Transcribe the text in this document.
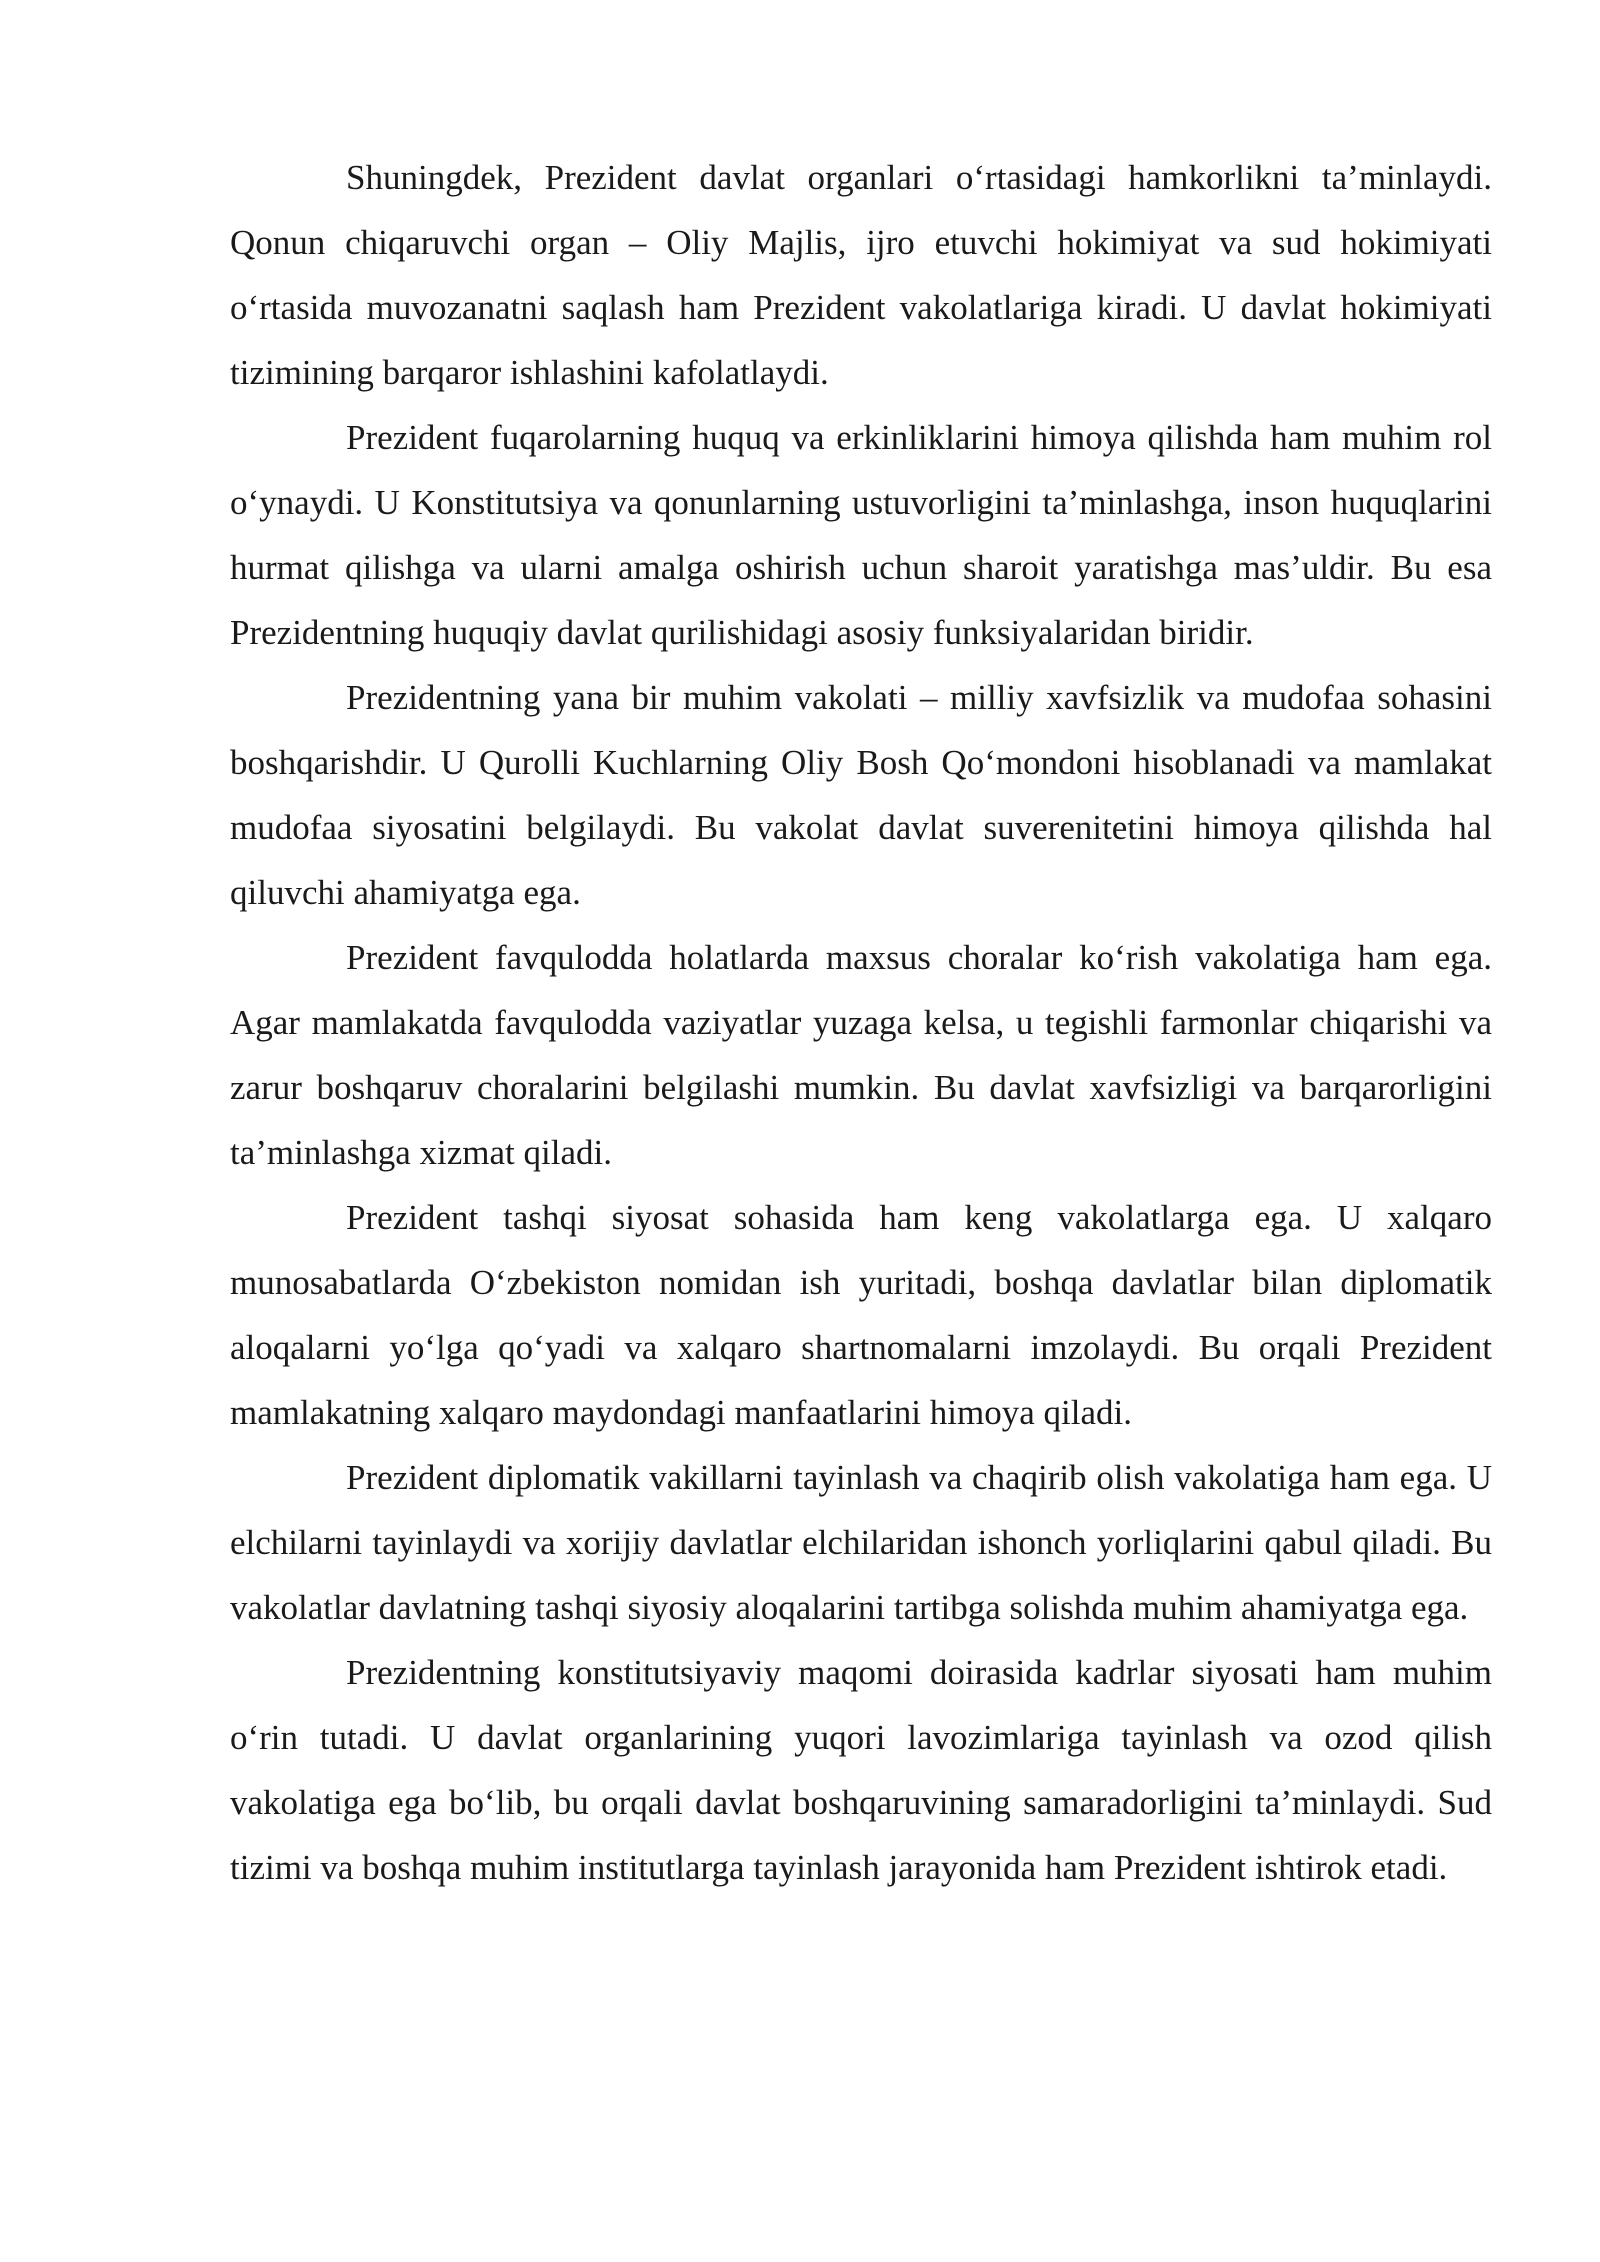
Shuningdek, Prezident davlat organlari o‘rtasidagi hamkorlikni ta’minlaydi. Qonun chiqaruvchi organ – Oliy Majlis, ijro etuvchi hokimiyat va sud hokimiyati o‘rtasida muvozanatni saqlash ham Prezident vakolatlariga kiradi. U davlat hokimiyati tizimining barqaror ishlashini kafolatlaydi.

Prezident fuqarolarning huquq va erkinliklarini himoya qilishda ham muhim rol o‘ynaydi. U Konstitutsiya va qonunlarning ustuvorligini ta’minlashga, inson huquqlarini hurmat qilishga va ularni amalga oshirish uchun sharoit yaratishga mas’uldir. Bu esa Prezidentning huquqiy davlat qurilishidagi asosiy funksiyalaridan biridir.

Prezidentning yana bir muhim vakolati – milliy xavfsizlik va mudofaa sohasini boshqarishdir. U Qurolli Kuchlarning Oliy Bosh Qo‘mondoni hisoblanadi va mamlakat mudofaa siyosatini belgilaydi. Bu vakolat davlat suverenitetini himoya qilishda hal qiluvchi ahamiyatga ega.

Prezident favqulodda holatlarda maxsus choralar ko‘rish vakolatiga ham ega. Agar mamlakatda favqulodda vaziyatlar yuzaga kelsa, u tegishli farmonlar chiqarishi va zarur boshqaruv choralarini belgilashi mumkin. Bu davlat xavfsizligi va barqarorligini ta’minlashga xizmat qiladi.

Prezident tashqi siyosat sohasida ham keng vakolatlarga ega. U xalqaro munosabatlarda O‘zbekiston nomidan ish yuritadi, boshqa davlatlar bilan diplomatik aloqalarni yo‘lga qo‘yadi va xalqaro shartnomalarni imzolaydi. Bu orqali Prezident mamlakatning xalqaro maydondagi manfaatlarini himoya qiladi.

Prezident diplomatik vakillarni tayinlash va chaqirib olish vakolatiga ham ega. U elchilarni tayinlaydi va xorijiy davlatlar elchilaridan ishonch yorliqlarini qabul qiladi. Bu vakolatlar davlatning tashqi siyosiy aloqalarini tartibga solishda muhim ahamiyatga ega.

Prezidentning konstitutsiyaviy maqomi doirasida kadrlar siyosati ham muhim o‘rin tutadi. U davlat organlarining yuqori lavozimlariga tayinlash va ozod qilish vakolatiga ega bo‘lib, bu orqali davlat boshqaruvining samaradorligini ta’minlaydi. Sud tizimi va boshqa muhim institutlarga tayinlash jarayonida ham Prezident ishtirok etadi.
